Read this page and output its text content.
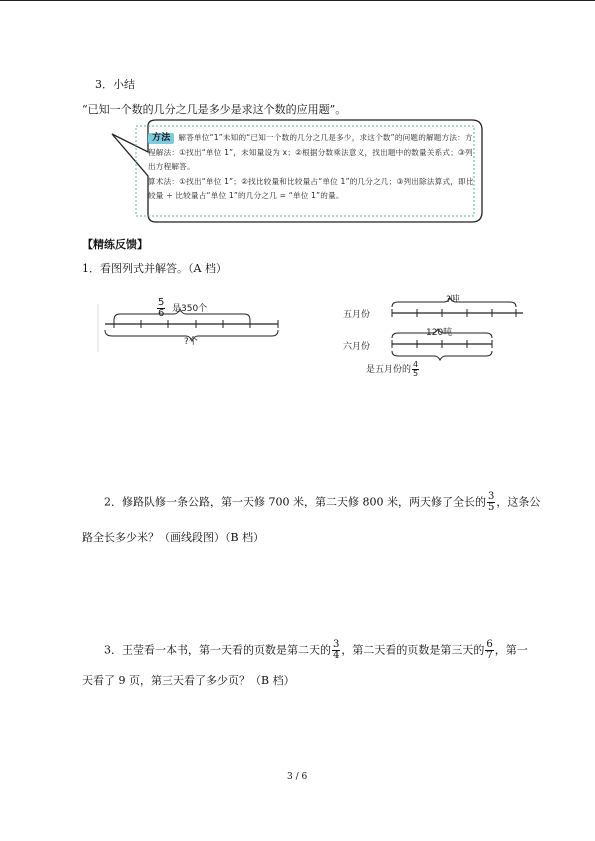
3．小结
“已知一个数的几分之几是多少是求这个数的应用题”。
方法 解答单位“1”未知的“已知一个数的几分之几是多少，求这个数”的问题的解题方法：方程解法：①找出“单位 1”，未知量设为 x；②根据分数乘法意义，找出题中的数量关系式；③列出方程解答。
算术法：①找出“单位 1”；②找比较量和比较量占“单位 1”的几分之几；③列出除法算式，即比较量 ÷ 比较量占“单位 1”的几分之几 = “单位 1”的量。
【精练反馈】
1．看图列式并解答。（A 档）
$\frac{5}{6}$ 是350个
?个
?吨
五月份
120吨
六月份
是五月份的 $\frac{4}{5}$
2．修路队修一条公路，第一天修 700 米，第二天修 800 米，两天修了全长的 $\frac{3}{5}$ ，这条公
路全长多少米？（画线段图）（B 档）
3．王莹看一本书，第一天看的页数是第二天的 $\frac{3}{4}$ ，第二天看的页数是第三天的 $\frac{6}{7}$ ，第一
天看了 9 页，第三天看了多少页？（B 档）
3 / 6
